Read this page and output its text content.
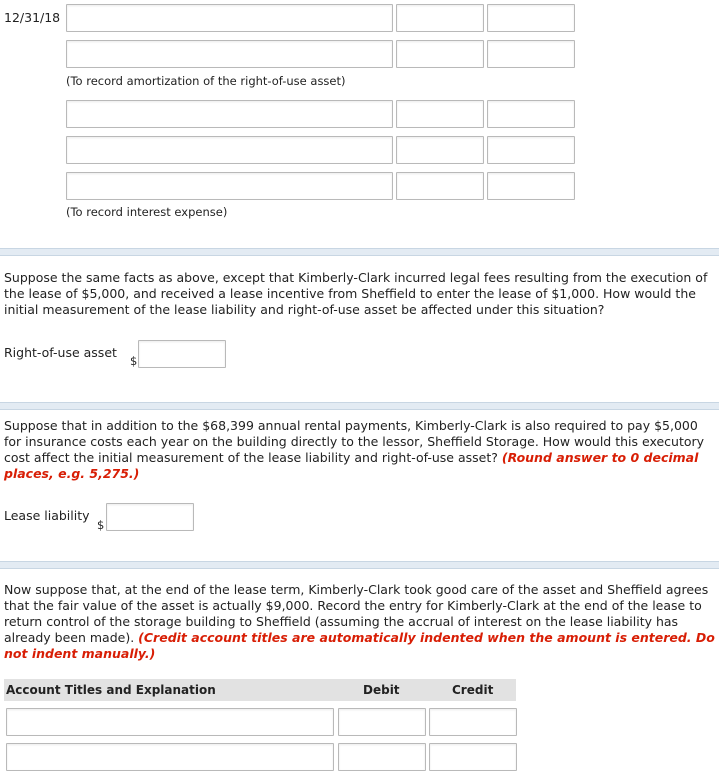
12/31/18
(To record amortization of the right-of-use asset)
(To record interest expense)
Suppose the same facts as above, except that Kimberly-Clark incurred legal fees resulting from the execution of the lease of $5,000, and received a lease incentive from Sheffield to enter the lease of $1,000. How would the initial measurement of the lease liability and right-of-use asset be affected under this situation?
Right-of-use asset
$
Suppose that in addition to the $68,399 annual rental payments, Kimberly-Clark is also required to pay $5,000 for insurance costs each year on the building directly to the lessor, Sheffield Storage. How would this executory cost affect the initial measurement of the lease liability and right-of-use asset? (Round answer to 0 decimal places, e.g. 5,275.)
Lease liability
$
Now suppose that, at the end of the lease term, Kimberly-Clark took good care of the asset and Sheffield agrees that the fair value of the asset is actually $9,000. Record the entry for Kimberly-Clark at the end of the lease to return control of the storage building to Sheffield (assuming the accrual of interest on the lease liability has already been made). (Credit account titles are automatically indented when the amount is entered. Do not indent manually.)
Account Titles and Explanation	Debit	Credit
